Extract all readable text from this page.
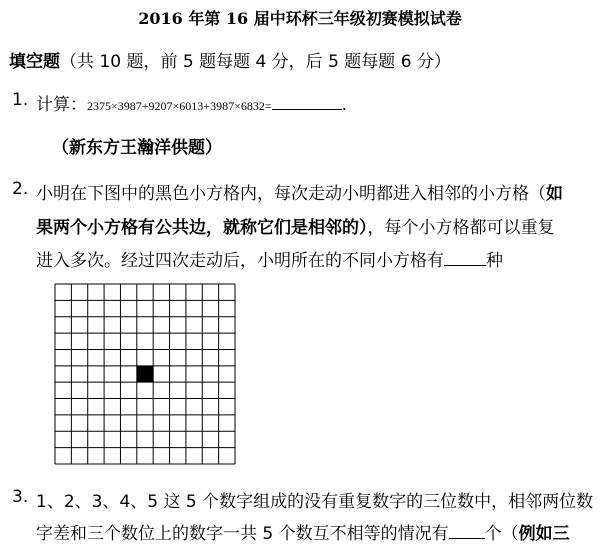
2016 年第 16 届中环杯三年级初赛模拟试卷
填空题（共 10 题，前 5 题每题 4 分，后 5 题每题 6 分）
1. 计算：2375×3987+9207×6013+3987×6832=	.
（新东方王瀚洋供题）
2. 小明在下图中的黑色小方格内，每次走动小明都进入相邻的小方格（如
果两个小方格有公共边，就称它们是相邻的），每个小方格都可以重复
进入多次。经过四次走动后，小明所在的不同小方格有 种
3. 1、2、3、4、5 这 5 个数字组成的没有重复数字的三位数中，相邻两位数
字差和三个数位上的数字一共 5 个数互不相等的情况有 个（例如三
